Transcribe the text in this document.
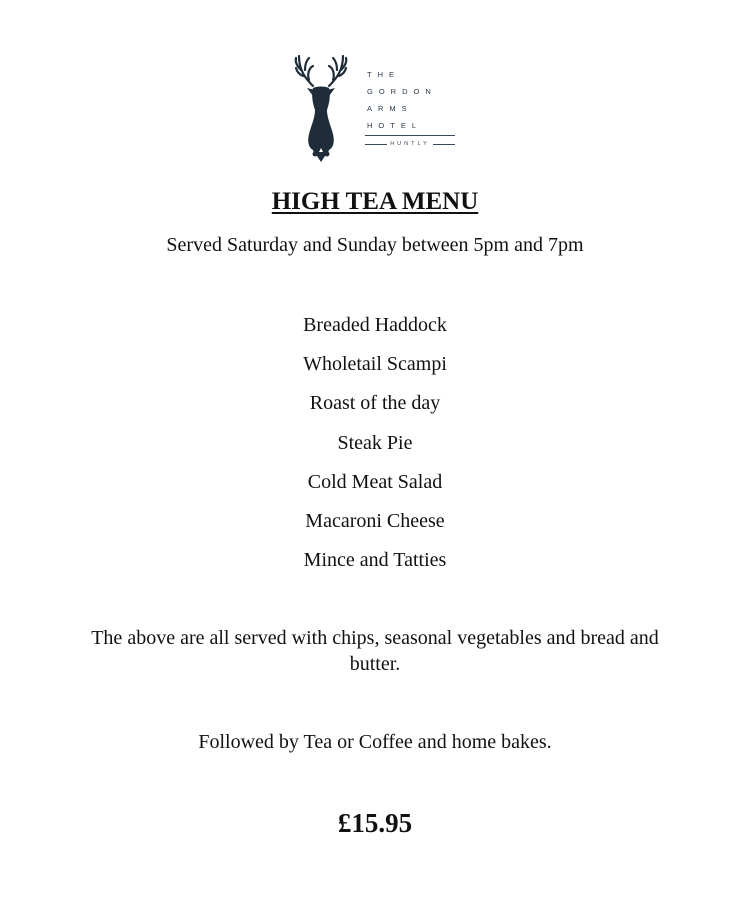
THE
GORDON
ARMS
HOTEL
HUNTLY
HIGH TEA MENU
Served Saturday and Sunday between 5pm and 7pm
Breaded Haddock
Wholetail Scampi
Roast of the day
Steak Pie
Cold Meat Salad
Macaroni Cheese
Mince and Tatties
The above are all served with chips, seasonal vegetables and bread and butter.
Followed by Tea or Coffee and home bakes.
£15.95
